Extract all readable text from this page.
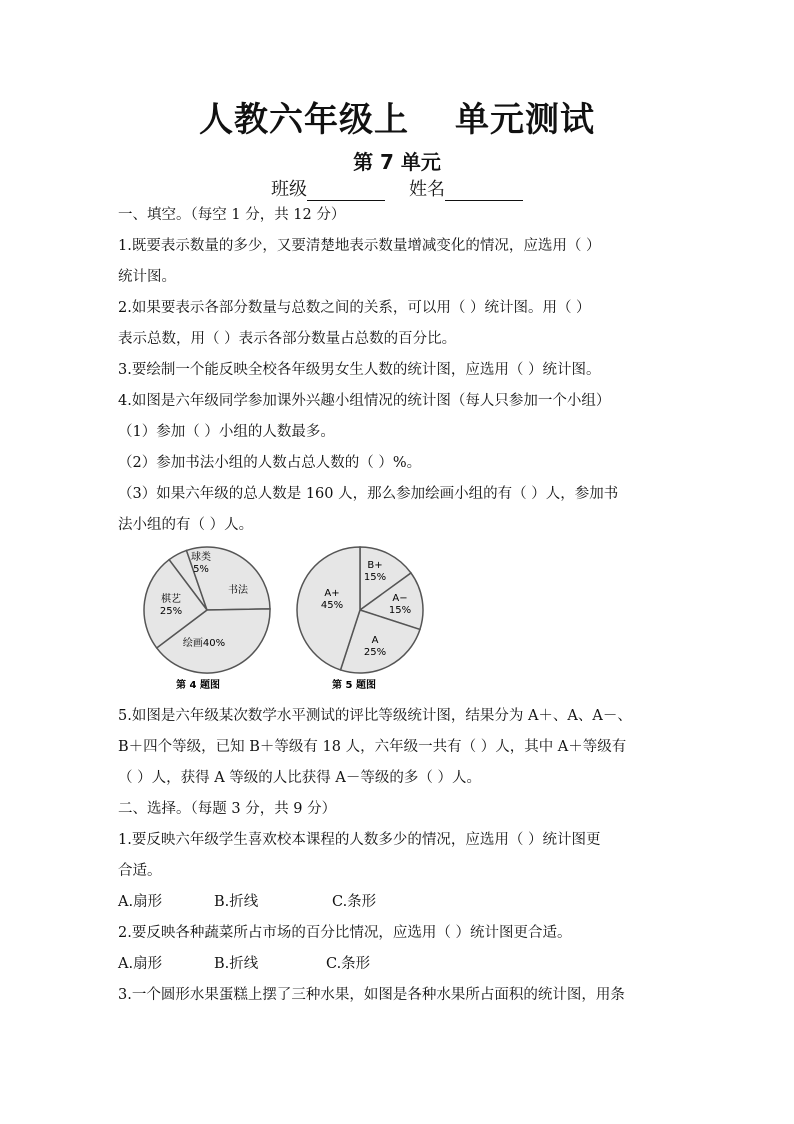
人教六年级上 单元测试
第 7 单元
班级	姓名
一、填空。（每空 1 分，共 12 分）
1.既要表示数量的多少，又要清楚地表示数量增减变化的情况，应选用（ ）
统计图。
2.如果要表示各部分数量与总数之间的关系，可以用（ ）统计图。用（ ）
表示总数，用（ ）表示各部分数量占总数的百分比。
3.要绘制一个能反映全校各年级男女生人数的统计图，应选用（ ）统计图。
4.如图是六年级同学参加课外兴趣小组情况的统计图（每人只参加一个小组）
（1）参加（ ）小组的人数最多。
（2）参加书法小组的人数占总人数的（ ）%。
（3）如果六年级的总人数是 160 人，那么参加绘画小组的有（ ）人，参加书
法小组的有（ ）人。
球类
5%
书法
绘画40%
棋艺
25%
第 4 题图
B+
15%
A−
15%
A
25%
A+
45%
第 5 题图
5.如图是六年级某次数学水平测试的评比等级统计图，结果分为 A＋、A、A－、
B＋四个等级，已知 B＋等级有 18 人，六年级一共有（ ）人，其中 A＋等级有
（ ）人，获得 A 等级的人比获得 A－等级的多（ ）人。
二、选择。（每题 3 分，共 9 分）
1.要反映六年级学生喜欢校本课程的人数多少的情况，应选用（ ）统计图更
合适。
A.扇形	B.折线	C.条形
2.要反映各种蔬菜所占市场的百分比情况，应选用（ ）统计图更合适。
A.扇形	B.折线	C.条形
3.一个圆形水果蛋糕上摆了三种水果，如图是各种水果所占面积的统计图，用条
